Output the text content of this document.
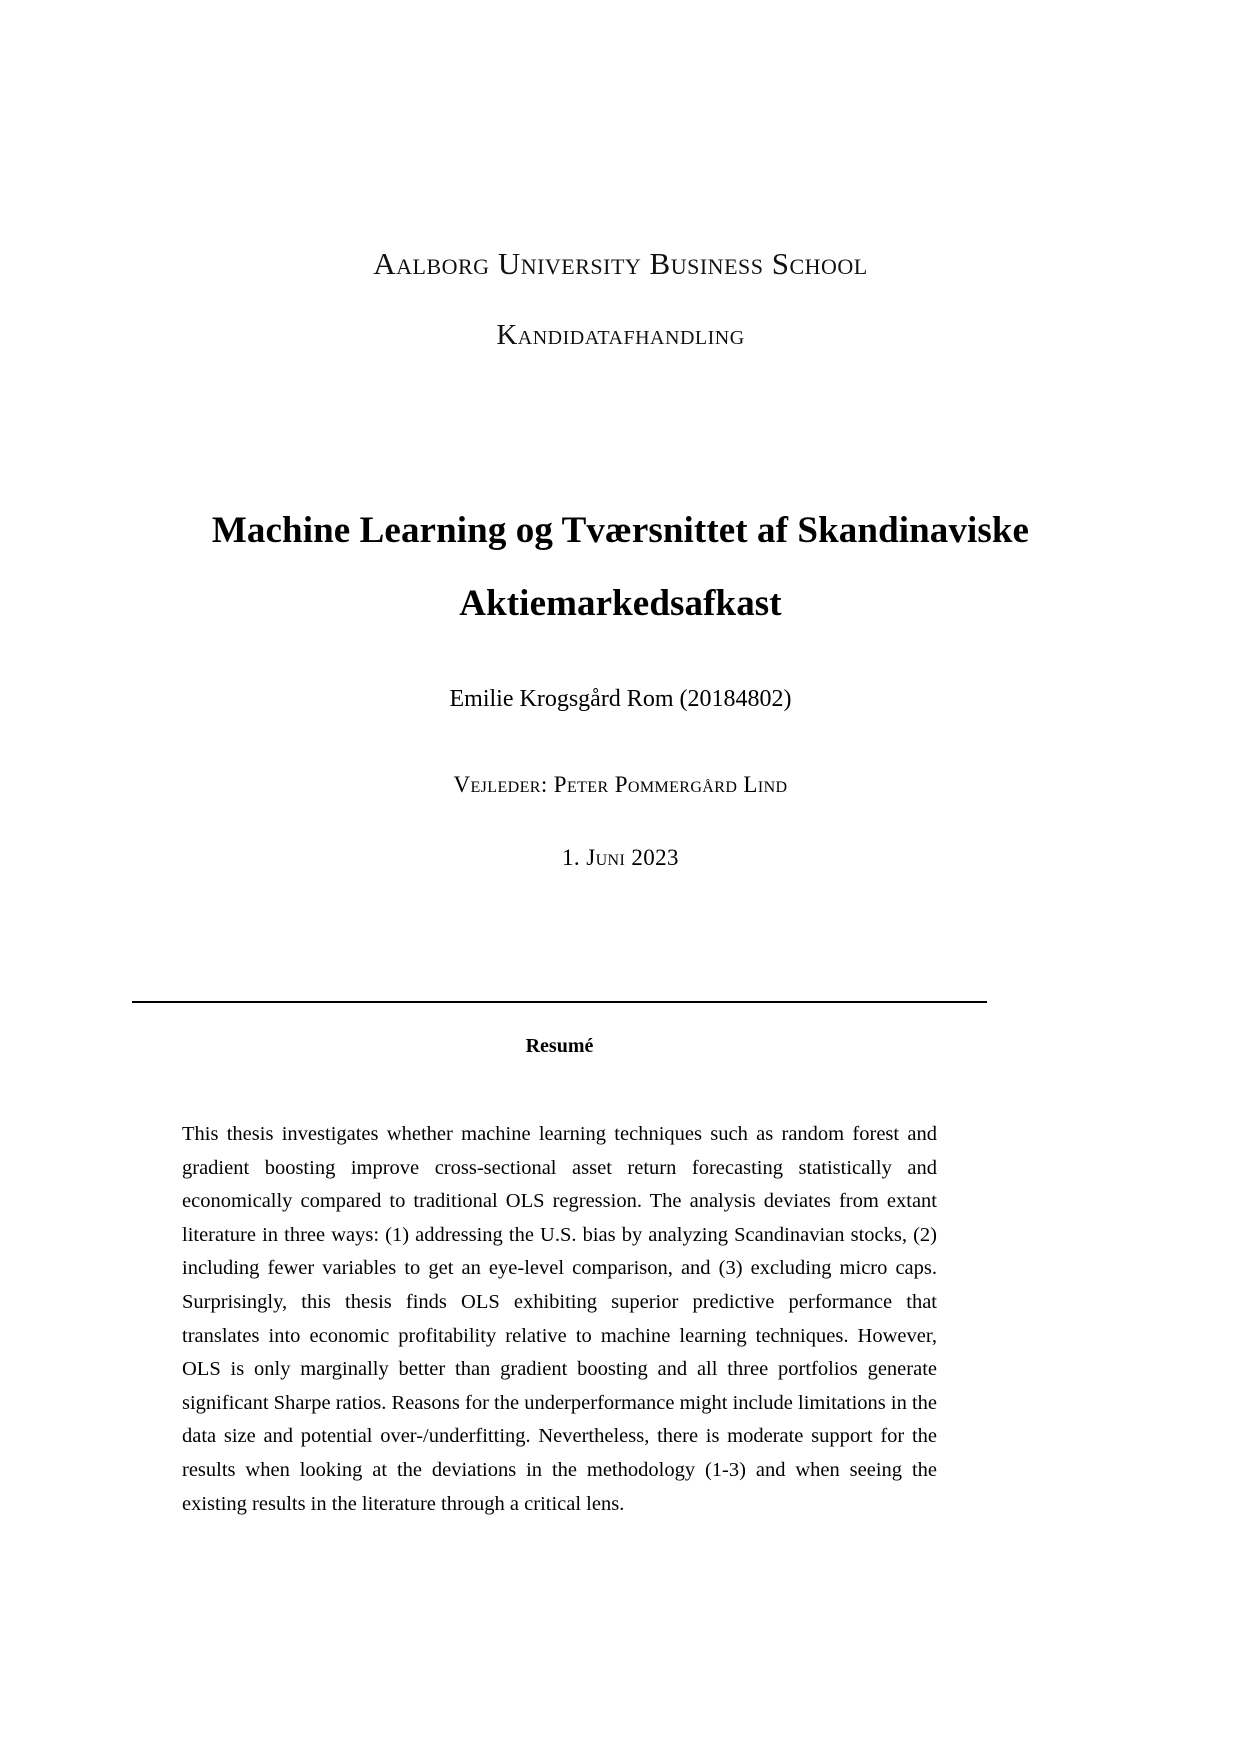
Aalborg University Business School
Kandidatafhandling
Machine Learning og Tværsnittet af Skandinaviske
Aktiemarkedsafkast
Emilie Krogsgård Rom (20184802)
Vejleder: Peter Pommergård Lind
1. Juni 2023
Resumé
This thesis investigates whether machine learning techniques such as random forest and gradient boosting improve cross-sectional asset return forecasting statistically and economically compared to traditional OLS regression. The analysis deviates from extant literature in three ways: (1) addressing the U.S. bias by analyzing Scandinavian stocks, (2) including fewer variables to get an eye-level comparison, and (3) excluding micro caps. Surprisingly, this thesis finds OLS exhibiting superior predictive performance that translates into economic profitability relative to machine learning techniques. However, OLS is only marginally better than gradient boosting and all three portfolios generate significant Sharpe ratios. Reasons for the underperformance might include limitations in the data size and potential over-/underfitting. Nevertheless, there is moderate support for the results when looking at the deviations in the methodology (1-3) and when seeing the existing results in the literature through a critical lens.
